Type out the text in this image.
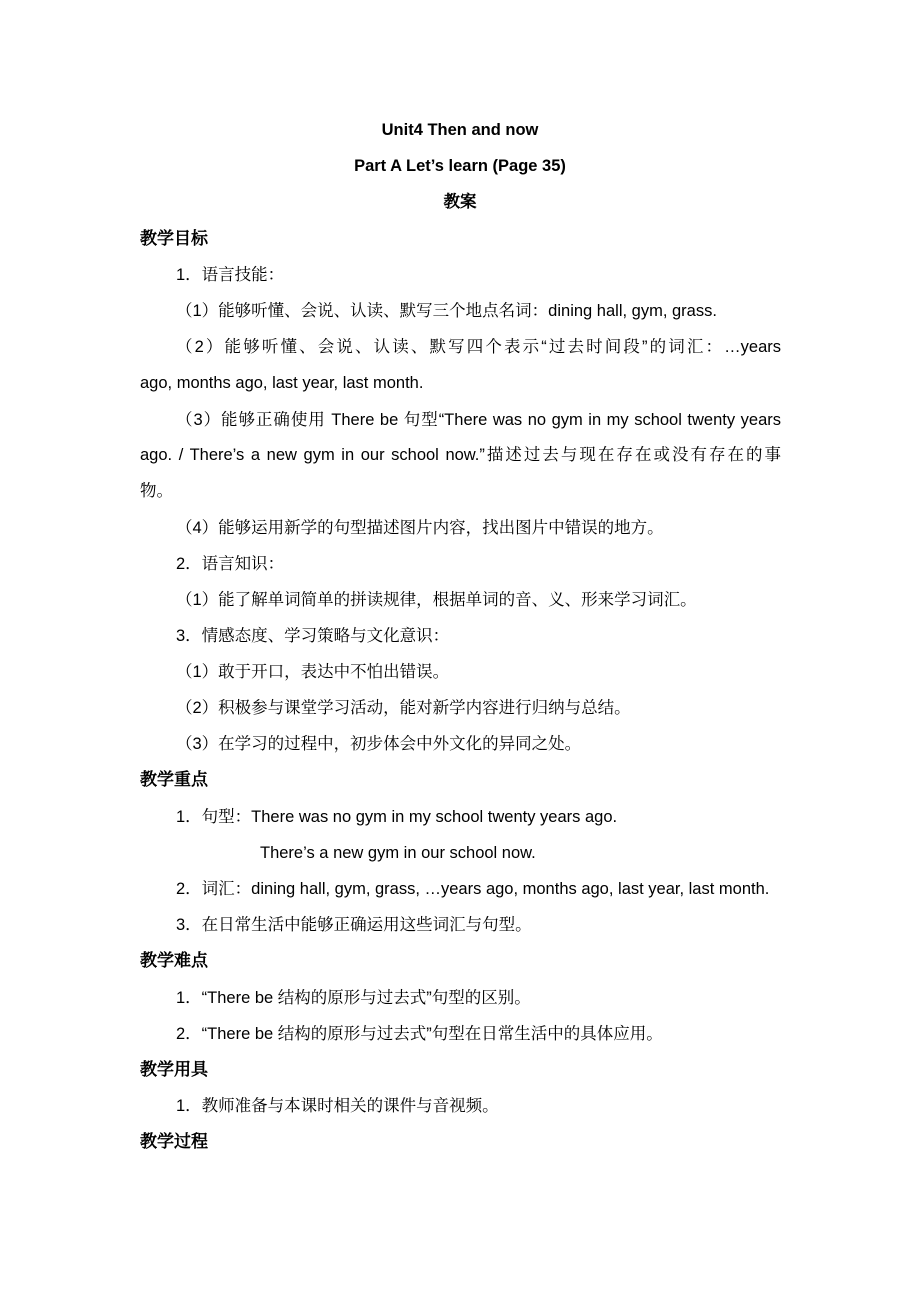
Unit4 Then and now
Part A Let’s learn (Page 35)
教案
教学目标
1．语言技能：
（1）能够听懂、会说、认读、默写三个地点名词：dining hall, gym, grass.
（2）能够听懂、会说、认读、默写四个表示“过去时间段”的词汇：…years
ago, months ago, last year, last month.
（3）能够正确使用 There be 句型“There was no gym in my school twenty years
ago. / There’s a new gym in our school now.”描述过去与现在存在或没有存在的事
物。
（4）能够运用新学的句型描述图片内容，找出图片中错误的地方。
2．语言知识：
（1）能了解单词简单的拼读规律，根据单词的音、义、形来学习词汇。
3．情感态度、学习策略与文化意识：
（1）敢于开口，表达中不怕出错误。
（2）积极参与课堂学习活动，能对新学内容进行归纳与总结。
（3）在学习的过程中，初步体会中外文化的异同之处。
教学重点
1．句型：There was no gym in my school twenty years ago.
There’s a new gym in our school now.
2．词汇：dining hall, gym, grass, …years ago, months ago, last year, last month.
3．在日常生活中能够正确运用这些词汇与句型。
教学难点
1．“There be 结构的原形与过去式”句型的区别。
2．“There be 结构的原形与过去式”句型在日常生活中的具体应用。
教学用具
1．教师准备与本课时相关的课件与音视频。
教学过程
